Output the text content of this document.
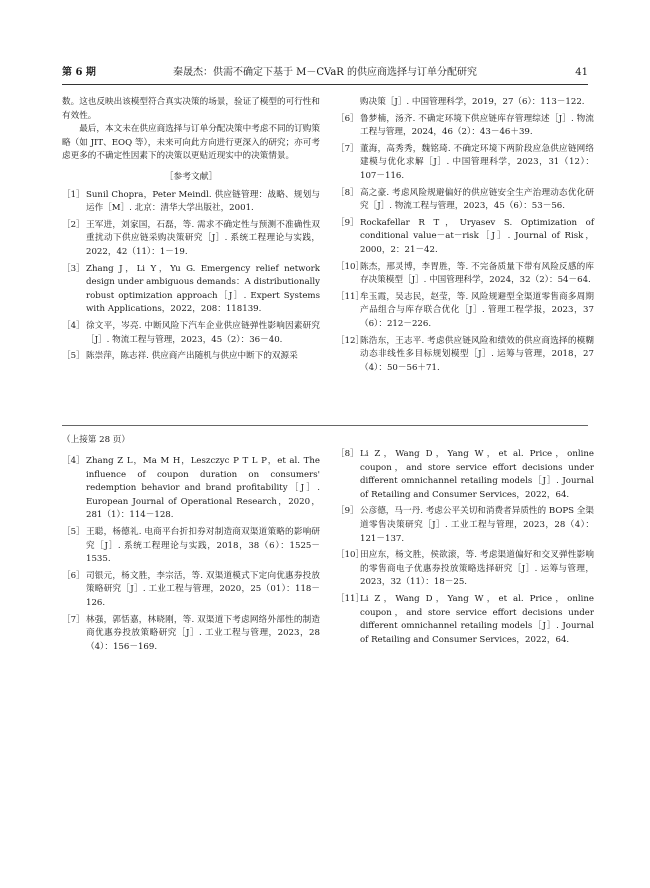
第 6 期	秦晟杰：供需不确定下基于 M－CVaR 的供应商选择与订单分配研究	41

数。这也反映出该模型符合真实决策的场景，验证了模型的可行性和有效性。

最后，本文未在供应商选择与订单分配决策中考虑不同的订购策略（如 JIT、EOQ 等），未来可向此方向进行更深入的研究；亦可考虑更多的不确定性因素下的决策以更贴近现实中的决策情景。

［参考文献］
［1］ Sunil Chopra，Peter Meindl. 供应链管理：战略、规划与运作［M］. 北京：清华大学出版社，2001.
［2］ 王军进，刘家国，石磊，等. 需求不确定性与预测不准确性双重扰动下供应链采购决策研究［J］. 系统工程理论与实践，2022，42（11）：1－19.
［3］ Zhang J，Li Y，Yu G. Emergency relief network design under ambiguous demands：A distributionally robust optimization approach［J］. Expert Systems with Applications，2022，208：118139.
［4］ 徐文平，岑亮. 中断风险下汽车企业供应链弹性影响因素研究［J］. 物流工程与管理，2023，45（2）：36－40.
［5］ 陈崇萍，陈志祥. 供应商产出随机与供应中断下的双源采
购决策［J］. 中国管理科学，2019，27（6）：113－122.
［6］ 鲁梦楠，汤齐. 不确定环境下供应链库存管理综述［J］. 物流工程与管理，2024，46（2）：43－46＋39.
［7］ 董海，高秀秀，魏铭琦. 不确定环境下两阶段应急供应链网络建模与优化求解［J］. 中国管理科学，2023，31（12）：107－116.
［8］ 高之豪. 考虑风险规避偏好的供应链安全生产治理动态优化研究［J］. 物流工程与管理，2023，45（6）：53－56.
［9］ Rockafellar R T，Uryasev S. Optimization of conditional value－at－risk［J］. Journal of Risk，2000，2：21－42.
［10］
陈杰，邢灵博，李胃胜，等. 不完备质量下带有风险反感的库存决策模型［J］. 中国管理科学，2024，32（2）：54－64.
［11］
牟玉霞，吴志民，赵莹，等. 风险规避型全渠道零售商多周期产品组合与库存联合优化［J］. 管理工程学报，2023，37（6）：212－226.
［12］
陈浩东，王志平. 考虑供应链风险和绩效的供应商选择的模糊动态非线性多目标规划模型［J］. 运筹与管理，2018，27（4）：50－56＋71.
（上接第 28 页）
［4］ Zhang Z L，Ma M H，Leszczyc P T L P，et al. The influence of coupon duration on consumers' redemption behavior and brand profitability［J］. European Journal of Operational Research，2020，281（1）：114－128.
［5］ 王聪，杨德礼. 电商平台折扣券对制造商双渠道策略的影响研究［J］. 系统工程理论与实践，2018，38（6）：1525－1535.
［6］ 司银元，杨文胜，李宗活，等. 双渠道模式下定向优惠券投放策略研究［J］. 工业工程与管理，2020，25（01）：118－126.
［7］ 林强，郭恬嘉，林晓刚，等. 双渠道下考虑网络外部性的制造商优惠券投放策略研究［J］. 工业工程与管理，2023，28（4）：156－169.
［8］ Li Z，Wang D，Yang W，et al. Price，online coupon，and store service effort decisions under different omnichannel retailing models［J］. Journal of Retailing and Consumer Services，2022，64.
［9］ 公彦德，马一丹. 考虑公平关切和消费者异质性的 BOPS 全渠道零售决策研究［J］. 工业工程与管理，2023，28（4）：121－137.
［10］
田应东，杨文胜，侯欲滚，等. 考虑渠道偏好和交叉弹性影响的零售商电子优惠券投放策略选择研究［J］. 运筹与管理，2023，32（11）：18－25.
［11］
Li Z，Wang D，Yang W，et al. Price，online coupon，and store service effort decisions under different omnichannel retailing models［J］. Journal of Retailing and Consumer Services，2022，64.
